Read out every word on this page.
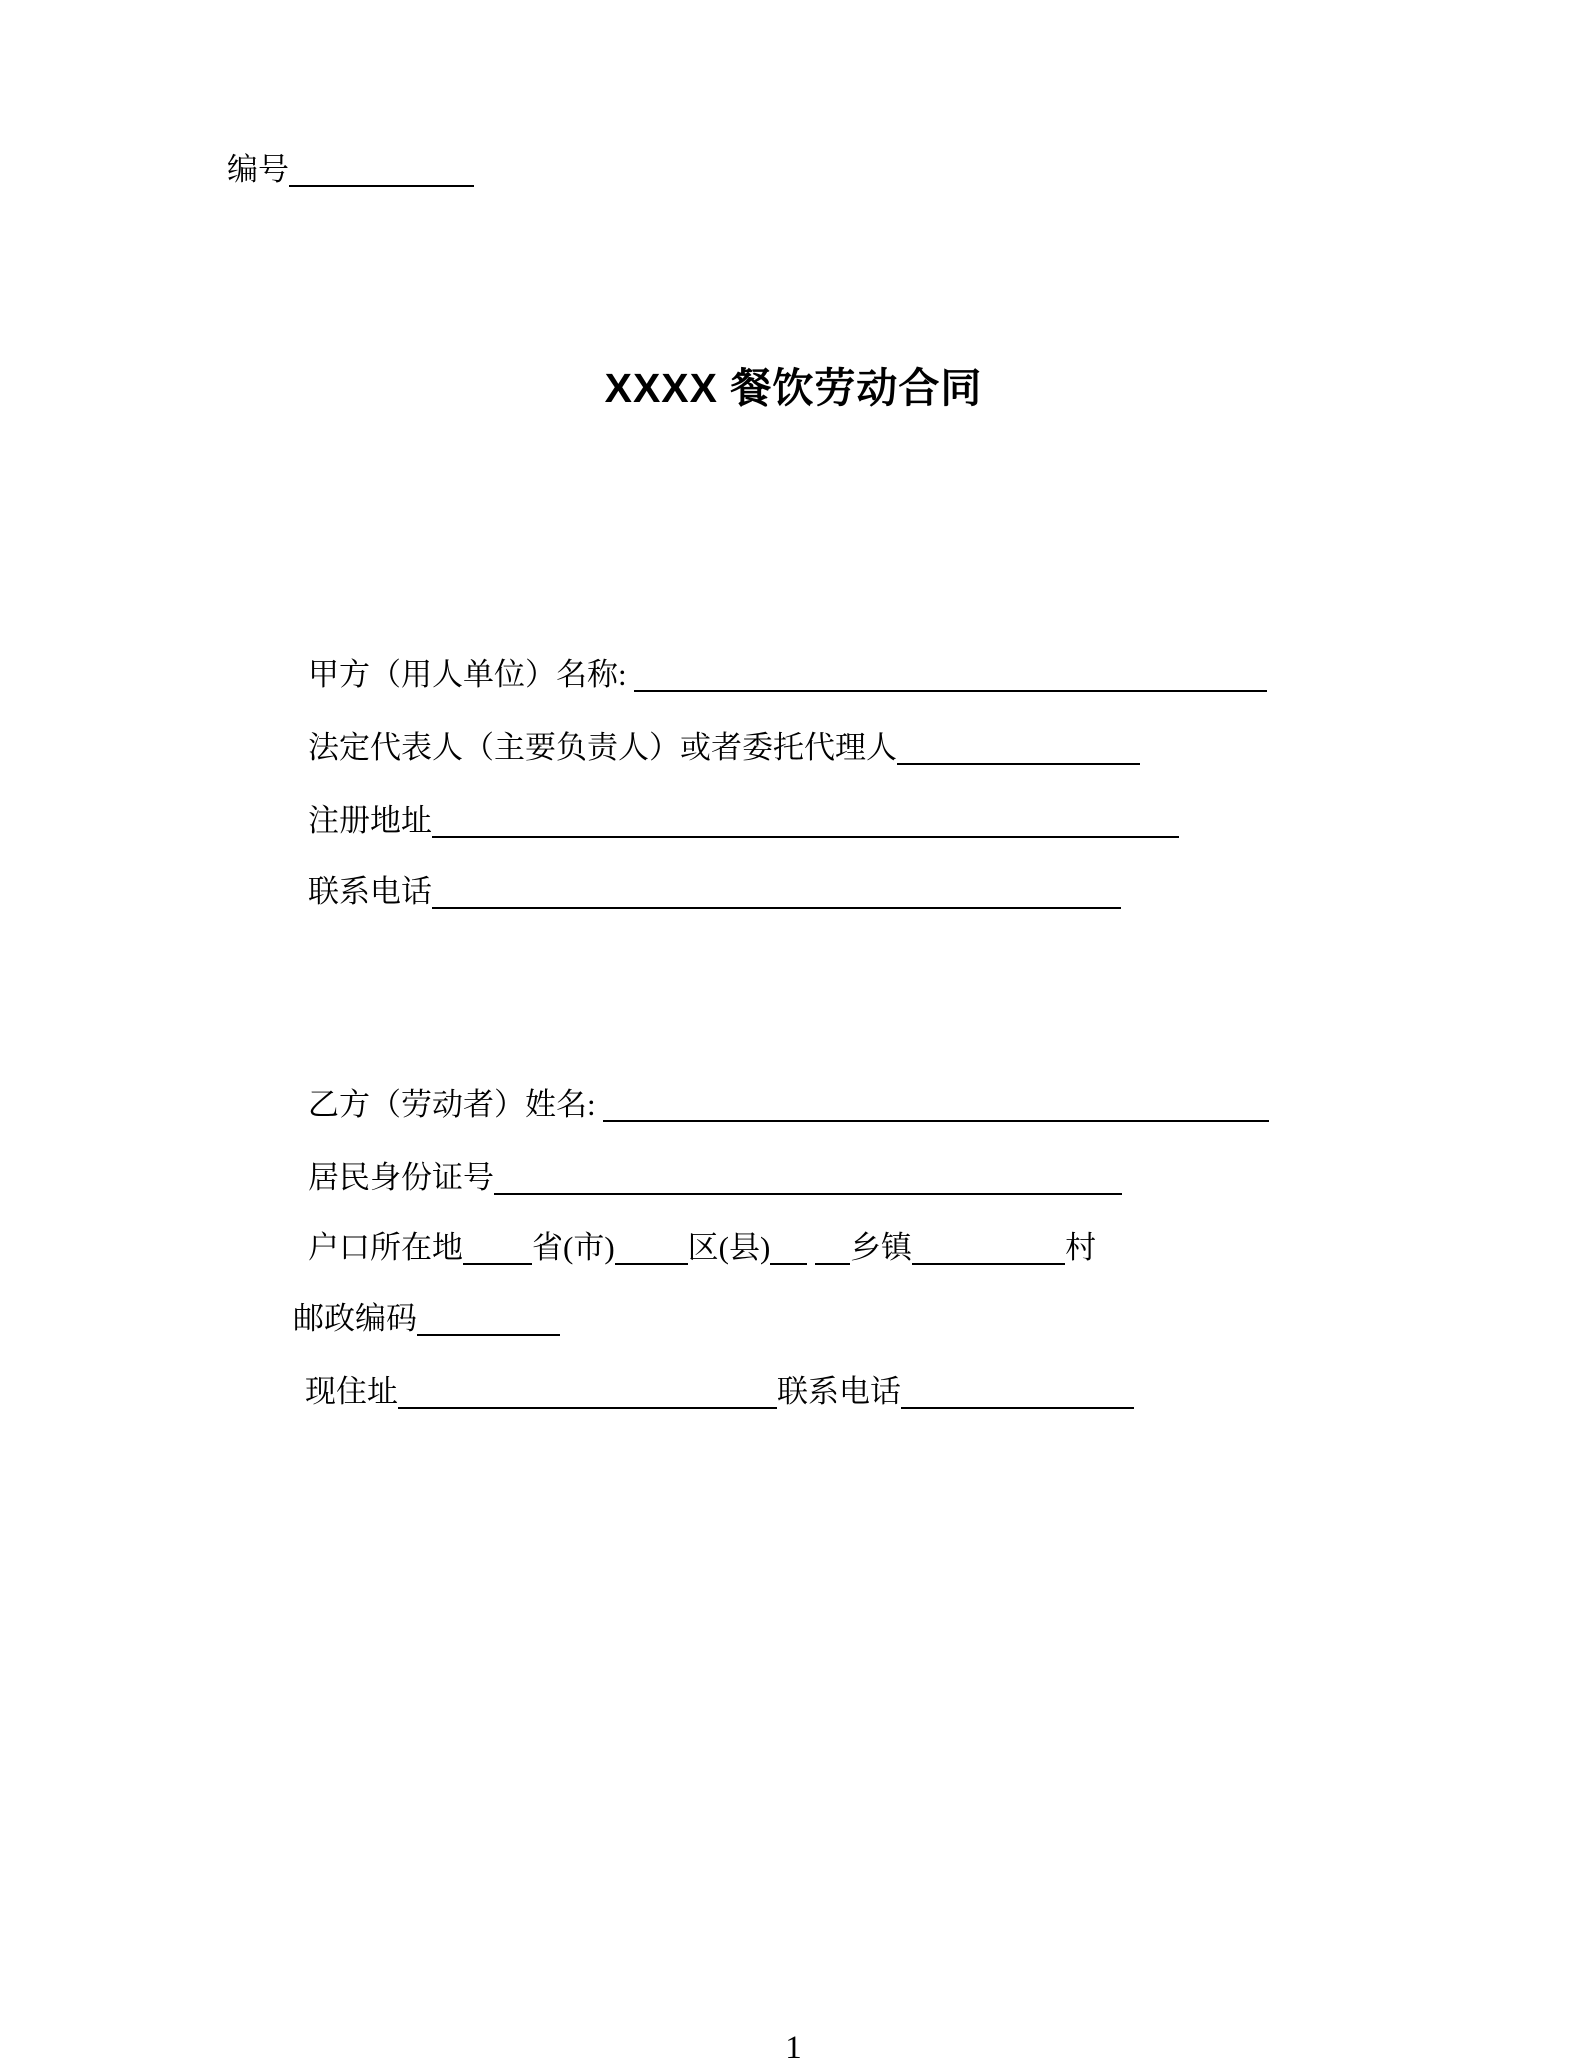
XXXX 餐饮劳动合同
编号
甲方（用人单位）名称:
法定代表人（主要负责人）或者委托代理人
注册地址
联系电话
乙方（劳动者）姓名:
居民身份证号
户口所在地 省(市) 区(县)	乡镇	村
邮政编码
现住址	联系电话
1
